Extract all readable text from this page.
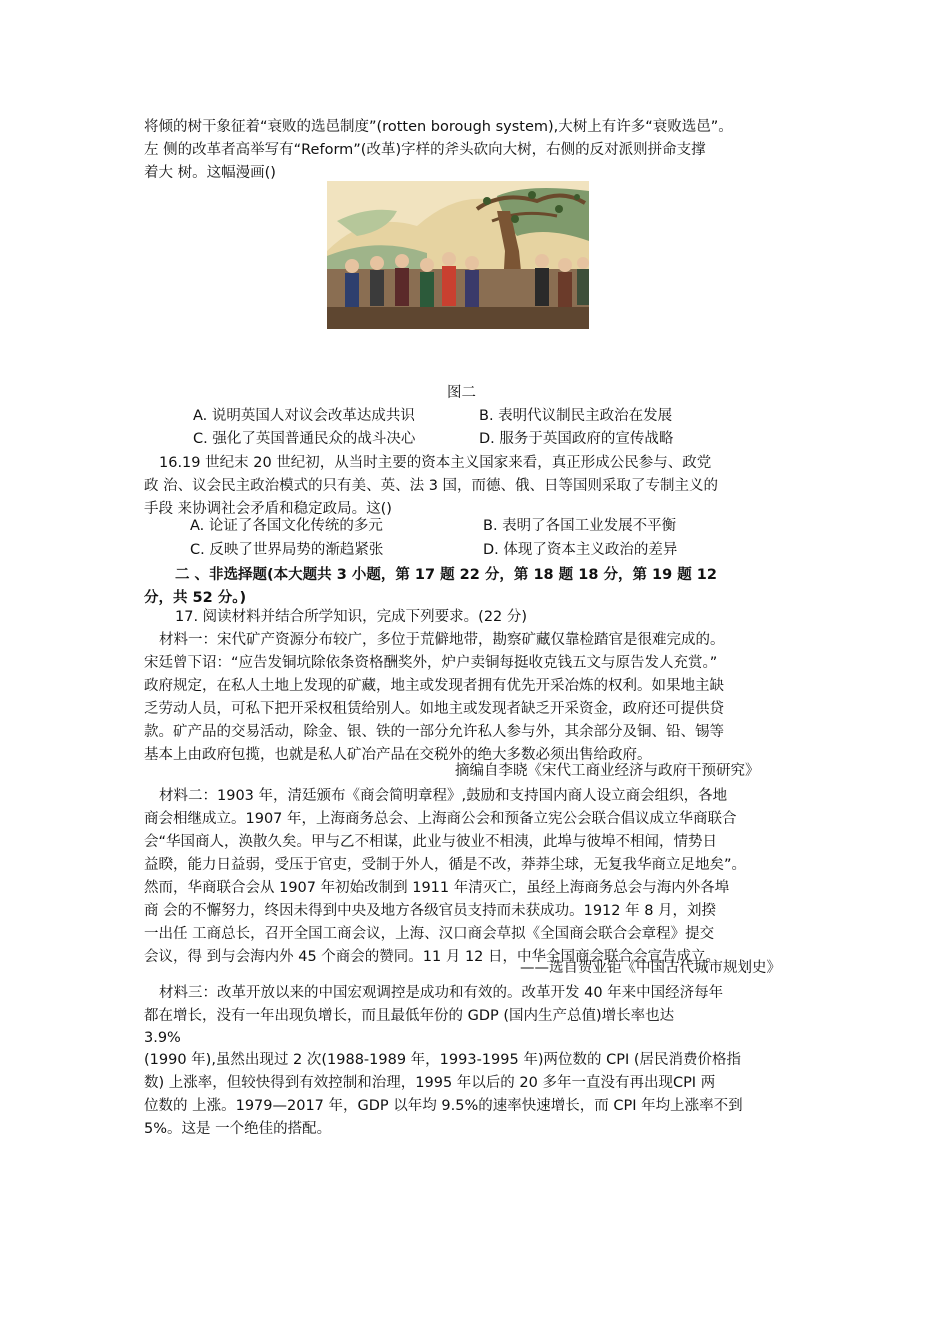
将倾的树干象征着“衰败的选邑制度”(rotten borough system),大树上有许多“衰败选邑”。
左 侧的改革者高举写有“Reform”(改革)字样的斧头砍向大树，右侧的反对派则拼命支撑
着大 树。这幅漫画()
图二
A. 说明英国人对议会改革达成共识	B. 表明代议制民主政治在发展
C. 强化了英国普通民众的战斗决心	D. 服务于英国政府的宣传战略
16.19 世纪末 20 世纪初，从当时主要的资本主义国家来看，真正形成公民参与、政党
政 治、议会民主政治模式的只有美、英、法 3 国，而德、俄、日等国则采取了专制主义的
手段 来协调社会矛盾和稳定政局。这()
A. 论证了各国文化传统的多元	B. 表明了各国工业发展不平衡
C. 反映了世界局势的渐趋紧张	D. 体现了资本主义政治的差异
二 、非选择题(本大题共 3 小题，第 17 题 22 分，第 18 题 18 分，第 19 题 12
分，共 52 分。)
17. 阅读材料并结合所学知识，完成下列要求。(22 分)
材料一：宋代矿产资源分布较广，多位于荒僻地带，勘察矿藏仅靠检踏官是很难完成的。
宋廷曾下诏：“应告发铜坑除依条资格酬奖外，炉户卖铜每挺收克钱五文与原告发人充赏。”
政府规定，在私人土地上发现的矿藏，地主或发现者拥有优先开采冶炼的权利。如果地主缺
乏劳动人员，可私下把开采权租赁给别人。如地主或发现者缺乏开采资金，政府还可提供贷
款。矿产品的交易活动，除金、银、铁的一部分允许私人参与外，其余部分及铜、铅、锡等
基本上由政府包揽，也就是私人矿冶产品在交税外的绝大多数必须出售给政府。
摘编自李晓《宋代工商业经济与政府干预研究》
材料二：1903 年，清廷颁布《商会简明章程》,鼓励和支持国内商人设立商会组织，各地
商会相继成立。1907 年，上海商务总会、上海商公会和预备立宪公会联合倡议成立华商联合
会“华国商人，涣散久矣。甲与乙不相谋，此业与彼业不相洟，此埠与彼埠不相闻，情势日
益睽，能力日益弱，受压于官吏，受制于外人，循是不改，莽莽尘球，无复我华商立足地矣”。
然而，华商联合会从 1907 年初始改制到 1911 年清灭亡，虽经上海商务总会与海内外各埠
商 会的不懈努力，终因未得到中央及地方各级官员支持而未获成功。1912 年 8 月，刘揆
一出任 工商总长，召开全国工商会议，上海、汉口商会草拟《全国商会联合会章程》提交
会议，得 到与会海内外 45 个商会的赞同。11 月 12 日，中华全国商会联合会宣告成立。
——选自贺业钜《中国古代城市规划史》
材料三：改革开放以来的中国宏观调控是成功和有效的。改革开发 40 年来中国经济每年
都在增长，没有一年出现负增长，而且最低年份的 GDP (国内生产总值)增长率也达
3.9%
(1990 年),虽然出现过 2 次(1988-1989 年，1993-1995 年)两位数的 CPI (居民消费价格指
数) 上涨率，但较快得到有效控制和治理，1995 年以后的 20 多年一直没有再出现CPI 两
位数的 上涨。1979—2017 年，GDP 以年均 9.5%的速率快速增长，而 CPI 年均上涨率不到
5%。这是 一个绝佳的搭配。
